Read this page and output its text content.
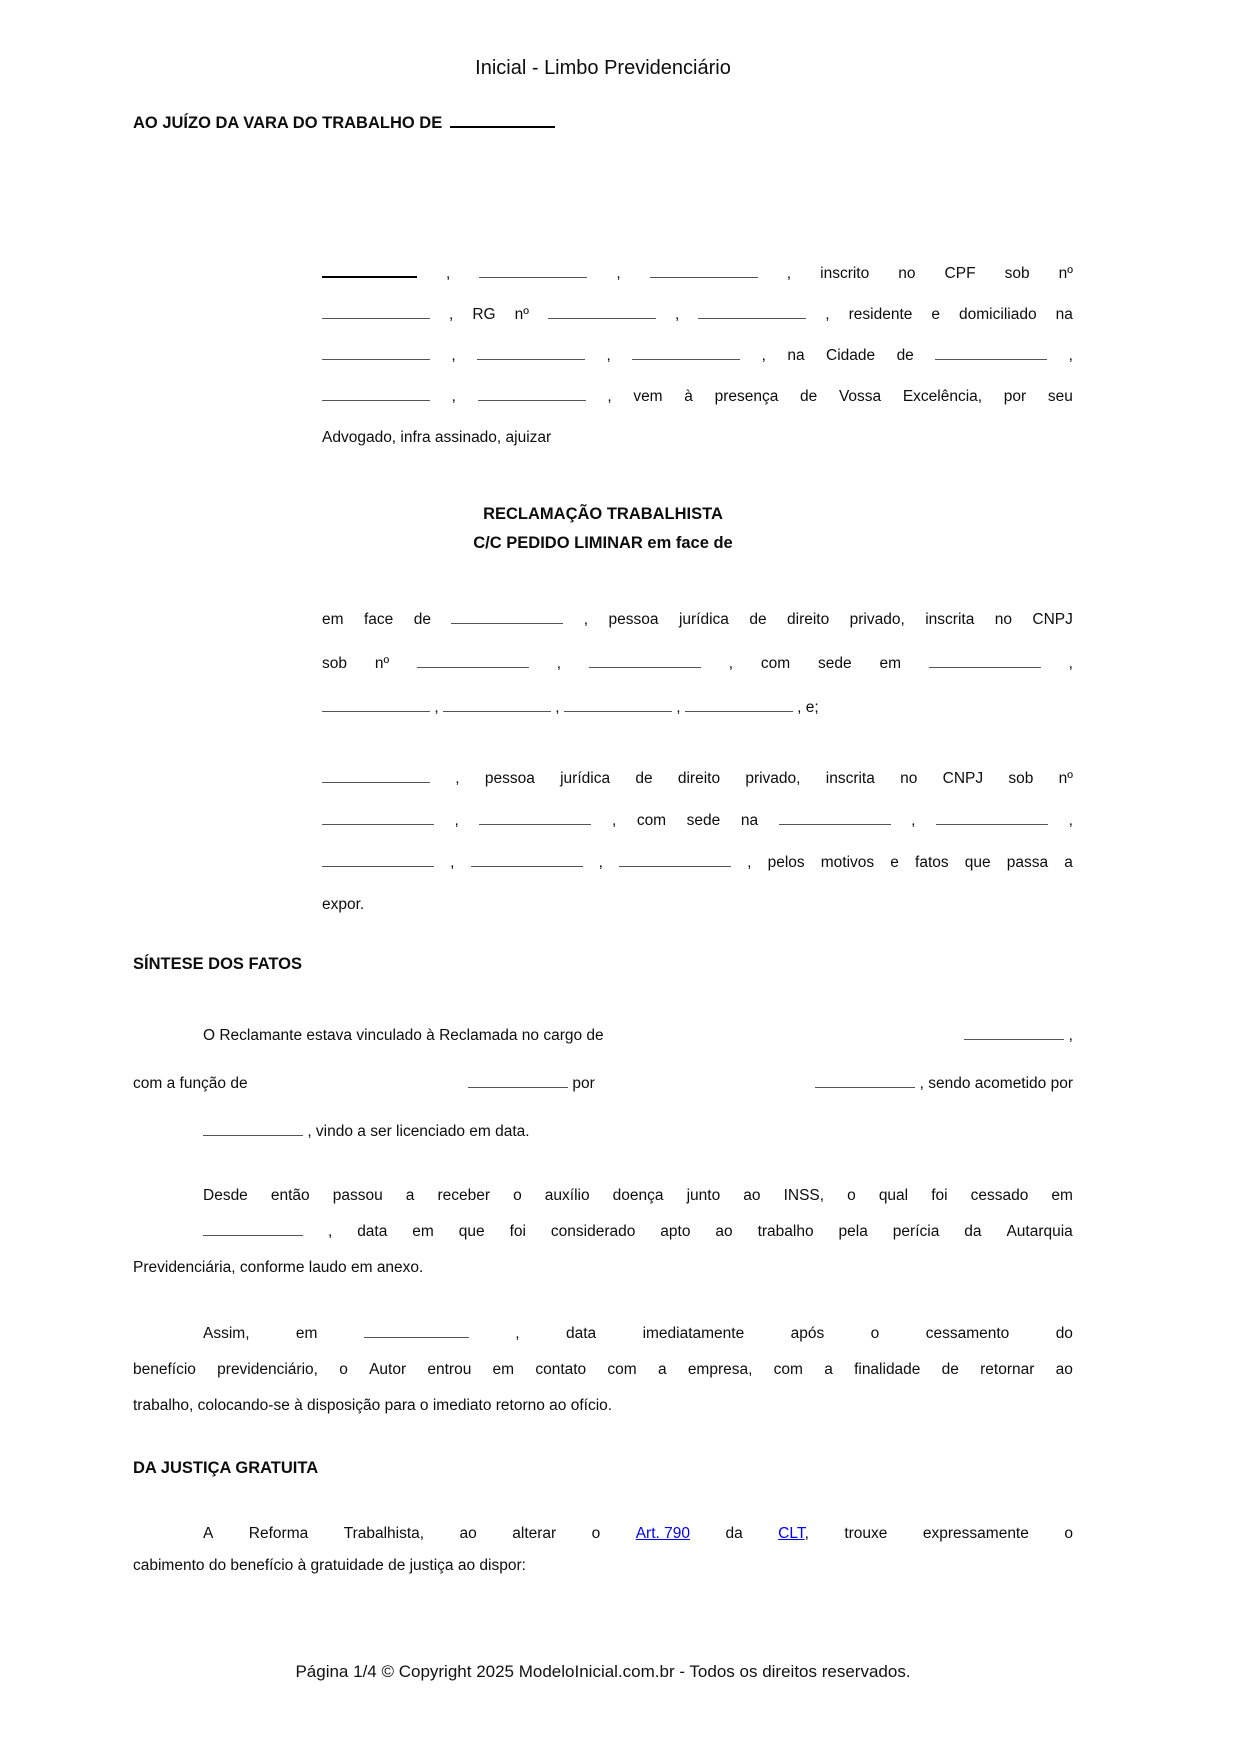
Inicial - Limbo Previdenciário
AO JUÍZO DA VARA DO TRABALHO DE
,	,	, inscrito no CPF sob nº
, RG nº	,	, residente e domiciliado na
,	,	, na Cidade de	,
,	, vem à presença de Vossa Excelência, por seu
Advogado, infra assinado, ajuizar
RECLAMAÇÃO TRABALHISTA
C/C PEDIDO LIMINAR em face de
em face de	, pessoa jurídica de direito privado, inscrita no CNPJ
sob nº	,	, com sede em	,
,	,	,	, e;
, pessoa jurídica de direito privado, inscrita no CNPJ sob nº
,	, com sede na	,	,
,	,	, pelos motivos e fatos que passa a
expor.
SÍNTESE DOS FATOS
O Reclamante estava vinculado à Reclamada no cargo de	,
com a função de	por	, sendo acometido por
, vindo a ser licenciado em data.
Desde então passou a receber o auxílio doença junto ao INSS, o qual foi cessado em
, data em que foi considerado apto ao trabalho pela perícia da Autarquia
Previdenciária, conforme laudo em anexo.
Assim,	em	,	data	imediatamente	após	o	cessamento	do
benefício previdenciário, o Autor entrou em contato com a empresa, com a finalidade de retornar ao
trabalho, colocando-se à disposição para o imediato retorno ao ofício.
DA JUSTIÇA GRATUITA
A Reforma Trabalhista, ao alterar o Art. 790 da CLT, trouxe expressamente o
cabimento do benefício à gratuidade de justiça ao dispor:
Página 1/4 © Copyright 2025 ModeloInicial.com.br - Todos os direitos reservados.
